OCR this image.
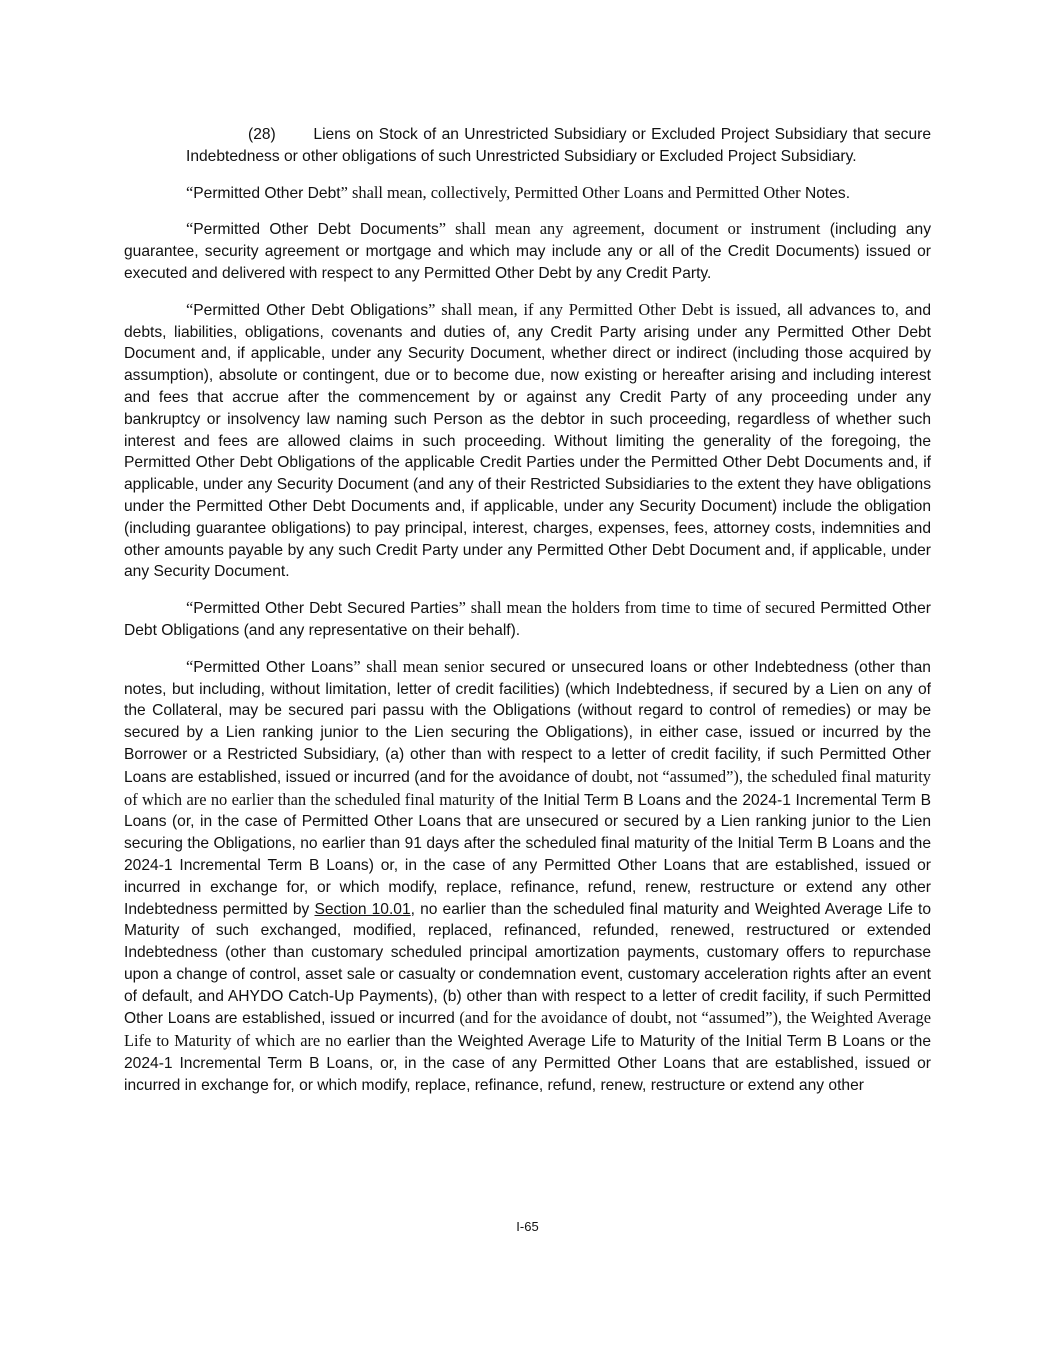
(28) Liens on Stock of an Unrestricted Subsidiary or Excluded Project Subsidiary that secure Indebtedness or other obligations of such Unrestricted Subsidiary or Excluded Project Subsidiary.

“Permitted Other Debt” shall mean, collectively, Permitted Other Loans and Permitted Other Notes.

“Permitted Other Debt Documents” shall mean any agreement, document or instrument (including any guarantee, security agreement or mortgage and which may include any or all of the Credit Documents) issued or executed and delivered with respect to any Permitted Other Debt by any Credit Party.

“Permitted Other Debt Obligations” shall mean, if any Permitted Other Debt is issued, all advances to, and debts, liabilities, obligations, covenants and duties of, any Credit Party arising under any Permitted Other Debt Document and, if applicable, under any Security Document, whether direct or indirect (including those acquired by assumption), absolute or contingent, due or to become due, now existing or hereafter arising and including interest and fees that accrue after the commencement by or against any Credit Party of any proceeding under any bankruptcy or insolvency law naming such Person as the debtor in such proceeding, regardless of whether such interest and fees are allowed claims in such proceeding. Without limiting the generality of the foregoing, the Permitted Other Debt Obligations of the applicable Credit Parties under the Permitted Other Debt Documents and, if applicable, under any Security Document (and any of their Restricted Subsidiaries to the extent they have obligations under the Permitted Other Debt Documents and, if applicable, under any Security Document) include the obligation (including guarantee obligations) to pay principal, interest, charges, expenses, fees, attorney costs, indemnities and other amounts payable by any such Credit Party under any Permitted Other Debt Document and, if applicable, under any Security Document.

“Permitted Other Debt Secured Parties” shall mean the holders from time to time of secured Permitted Other Debt Obligations (and any representative on their behalf).

“Permitted Other Loans” shall mean senior secured or unsecured loans or other Indebtedness (other than notes, but including, without limitation, letter of credit facilities) (which Indebtedness, if secured by a Lien on any of the Collateral, may be secured pari passu with the Obligations (without regard to control of remedies) or may be secured by a Lien ranking junior to the Lien securing the Obligations), in either case, issued or incurred by the Borrower or a Restricted Subsidiary, (a) other than with respect to a letter of credit facility, if such Permitted Other Loans are established, issued or incurred (and for the avoidance of doubt, not “assumed”), the scheduled final maturity of which are no earlier than the scheduled final maturity of the Initial Term B Loans and the 2024-1 Incremental Term B Loans (or, in the case of Permitted Other Loans that are unsecured or secured by a Lien ranking junior to the Lien securing the Obligations, no earlier than 91 days after the scheduled final maturity of the Initial Term B Loans and the 2024-1 Incremental Term B Loans) or, in the case of any Permitted Other Loans that are established, issued or incurred in exchange for, or which modify, replace, refinance, refund, renew, restructure or extend any other Indebtedness permitted by Section 10.01, no earlier than the scheduled final maturity and Weighted Average Life to Maturity of such exchanged, modified, replaced, refinanced, refunded, renewed, restructured or extended Indebtedness (other than customary scheduled principal amortization payments, customary offers to repurchase upon a change of control, asset sale or casualty or condemnation event, customary acceleration rights after an event of default, and AHYDO Catch-Up Payments), (b) other than with respect to a letter of credit facility, if such Permitted Other Loans are established, issued or incurred (and for the avoidance of doubt, not “assumed”), the Weighted Average Life to Maturity of which are no earlier than the Weighted Average Life to Maturity of the Initial Term B Loans or the 2024-1 Incremental Term B Loans, or, in the case of any Permitted Other Loans that are established, issued or incurred in exchange for, or which modify, replace, refinance, refund, renew, restructure or extend any other

I-65
